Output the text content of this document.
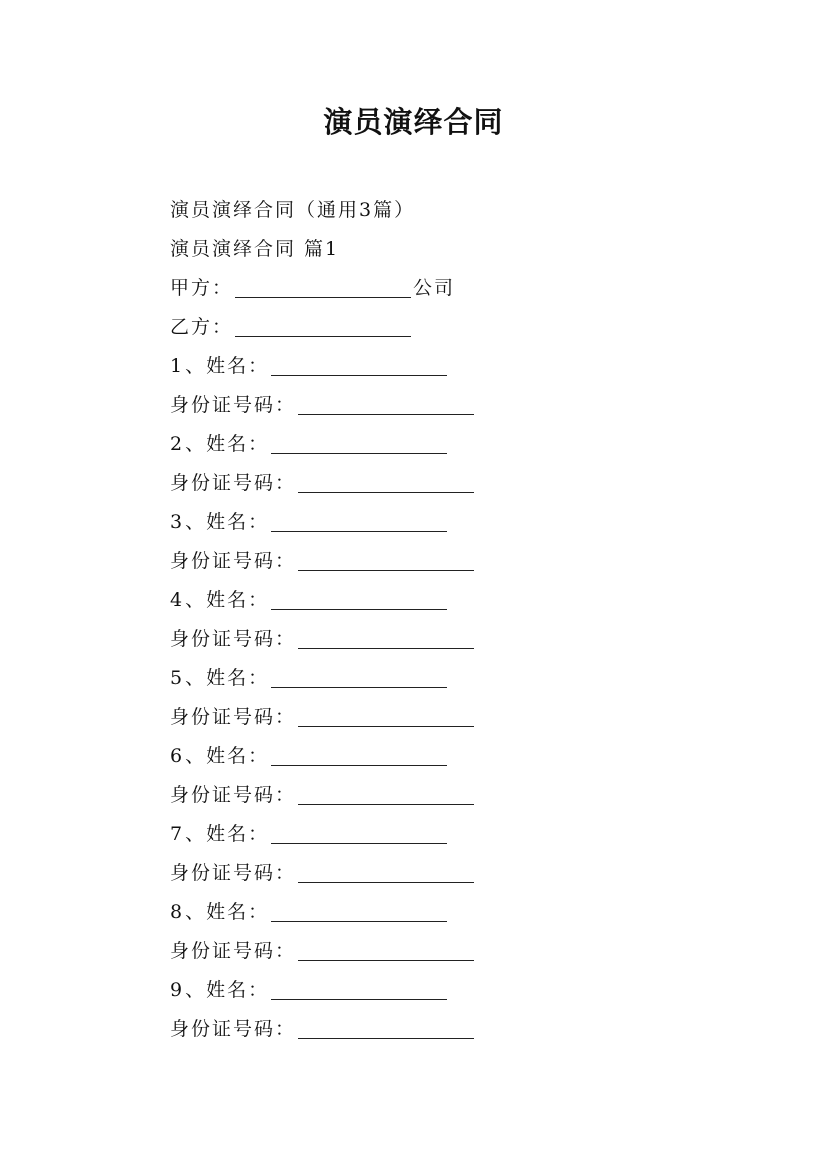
演员演绎合同
演员演绎合同（通用3篇）
演员演绎合同 篇1
甲方：	公司
乙方：
1 、姓名：
身份证号码：
2 、姓名：
身份证号码：
3 、姓名：
身份证号码：
4 、姓名：
身份证号码：
5 、姓名：
身份证号码：
6 、姓名：
身份证号码：
7 、姓名：
身份证号码：
8 、姓名：
身份证号码：
9 、姓名：
身份证号码：
